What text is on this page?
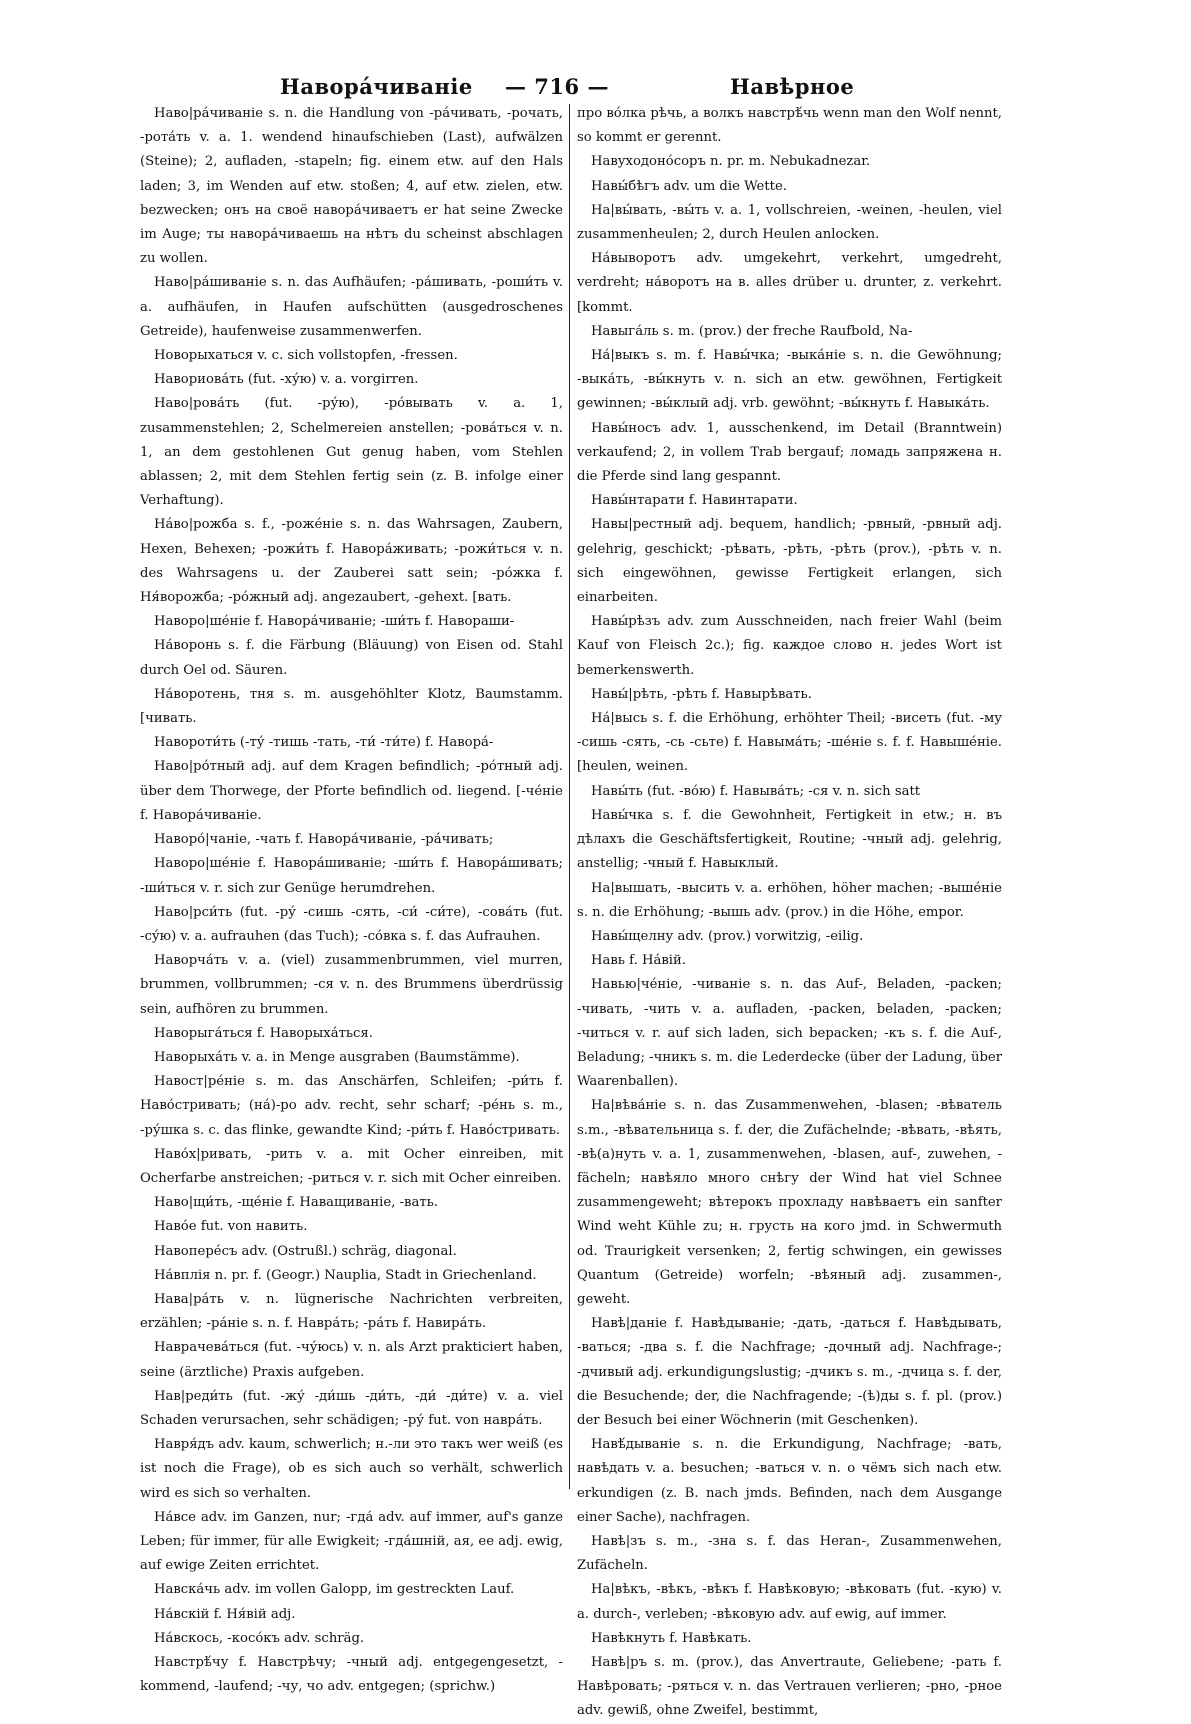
Навора́чиваніе — 716 —	Навѣрное

Наво|ра́чиваніе s. n. die Handlung von -ра́чивать, -рочать, -рота́ть v. a. 1. wendend hinaufschieben (Last), aufwälzen (Steine); 2, aufladen, -stapeln; fig. einem etw. auf den Hals laden; 3, im Wenden auf etw. stoßen; 4, auf etw. zielen, etw. bezwecken; онъ на своё навора́чиваетъ er hat seine Zwecke im Auge; ты навора́чиваешь на нѣтъ du scheinst abschlagen zu wollen.

Наво|ра́шиваніе s. n. das Aufhäufen; -ра́шивать, -роши́ть v. a. aufhäufen, in Haufen aufschütten (ausgedroschenes Getreide), haufenweise zusammenwerfen.

Новорыхаться v. c. sich vollstopfen, -fressen.

Навориова́ть (fut. -ху́ю) v. a. vorgirren.

Наво|рова́ть (fut. -ру́ю), -ро́вывать v. a. 1, zusammenstehlen; 2, Schelmereien anstellen; -рова́ться v. n. 1, an dem gestohlenen Gut genug haben, vom Stehlen ablassen; 2, mit dem Stehlen fertig sein (z. B. infolge einer Verhaftung).

Нáво|рожба s. f., -роже́ніе s. n. das Wahrsagen, Zaubern, Hexen, Behexen; -рожи́ть f. Навора́живать; -рожи́ться v. n. des Wahrsagens u. der Zauberei satt sein; -ро́жка f. Ня́ворожба; -ро́жный adj. angezaubert, -gehext. [вать.

Наворо|ше́ніе f. Навора́чиваніе; -ши́ть f. Навораши-

На́воронь s. f. die Färbung (Bläuung) von Eisen od. Stahl durch Oel od. Säuren.

На́воротень, тня s. m. ausgehöhlter Klotz, Baumstamm. [чивать.

Навороти́ть (-ту́ -тишь -тать, -ти́ -ти́те) f. Навора́-

Наво|ро́тный adj. auf dem Kragen befindlich; -ро́тный adj. über dem Thorwege, der Pforte befindlich od. liegend. [-че́ніе f. Навора́чиваніе.

Навoро́|чаніе, -чать f. Навора́чиваніе, -ра́чивать;

Наворо|ше́ніе f. Навора́шиваніе; -ши́ть f. Навора́шивать; -ши́ться v. r. sich zur Genüge herumdrehen.

Наво|рси́ть (fut. -ру́ -сишь -сять, -си́ -си́те), -сова́ть (fut. -су́ю) v. a. aufrauhen (das Tuch); -со́вка s. f. das Aufrauhen.

Наворча́ть v. a. (viel) zusammenbrummen, viel murren, brummen, vollbrummen; -ся v. n. des Brummens überdrüssig sein, aufhören zu brummen.

Навopыга́ться f. Наворыха́ться.

Навoрыха́ть v. a. in Menge ausgraben (Baumstämme).

Навост|ре́ніе s. m. das Anschärfen, Schleifen; -ри́ть f. Наво́стривать; (на́)-ро adv. recht, sehr scharf; -ре́нь s. m., -ру́шка s. c. das flinke, gewandte Kind; -ри́ть f. Наво́стривать.

Наво́х|ривать, -рить v. a. mit Ocher einreiben, mit Ocherfarbe anstreichen; -риться v. r. sich mit Ocher einreiben.

Навo|щи́ть, -ще́ніе f. Наващиваніе, -вать.

Наво́е fut. von навить.

Навопере́съ adv. (Ostrußl.) schräg, diagonal.

На́вплія n. pr. f. (Geogr.) Nauplia, Stadt in Griechenland.

Нава|ра́ть v. n. lügnerische Nachrichten verbreiten, erzählen; -ра́ніе s. n. f. Навра́ть; -ра́ть f. Навира́ть.

Наврачева́ться (fut. -чу́юсь) v. n. als Arzt prakticiert haben, seine (ärztliche) Praxis aufgeben.

Нав|реди́ть (fut. -жу́ -ди́шь -ди́ть, -ди́ -ди́те) v. a. viel Schaden verursachen, sehr schädigen; -ру́ fut. von навра́ть.

Навря́дъ adv. kaum, schwerlich; н.-ли это такъ wer weiß (es ist noch die Frage), ob es sich auch so verhält, schwerlich wird es sich so verhalten.

На́все adv. im Ganzen, nur; -гда́ adv. auf immer, auf's ganze Leben; für immer, für alle Ewigkeit; -гда́шній, ая, ее adj. ewig, auf ewige Zeiten errichtet.

Навска́чь adv. im vollen Galopp, im gestreckten Lauf.

На́вскій f. Ня́вій adj.

На́вскось, -косо́къ adv. schräg.

Навстрѣ́чу f. Навстрѣчу; -чный adj. entgegengesetzt, -kommend, -laufend; -чу, чо adv. entgegen; (sprichw.)

про во́лка рѣчь, а волкъ навстрѣ́чь wenn man den Wolf nennt, so kommt er gerennt.

Навуходоно́соръ n. pr. m. Nebukadnezar.

Навы́бѣгъ adv. um die Wette.

На|вы́вать, -вы́ть v. a. 1, vollschreien, -weinen, -heulen, viel zusammenheulen; 2, durch Heulen anlocken.

На́выворотъ adv. umgekehrt, verkehrt, umgedreht, verdreht; на́воротъ на в. alles drüber u. drunter, z. verkehrt. [kommt.

Навыга́ль s. m. (prov.) der freche Raufbold, Na-

На́|выкъ s. m. f. Навы́чка; -выка́ніе s. n. die Gewöhnung; -выка́ть, -вы́кнуть v. n. sich an etw. gewöhnen, Fertigkeit gewinnen; -вы́клый adj. vrb. gewöhnt; -вы́кнуть f. Навыка́ть.

Навы́носъ adv. 1, ausschenkend, im Detail (Branntwein) verkaufend; 2, in vollem Trab bergauf; ломадь запряжена н. die Pferde sind lang gespannt.

Навы́нтарати f. Навинтарати.

Навы|рестный adj. bequem, handlich; -рвный, -рвный adj. gelehrig, geschickt; -рѣвать, -рѣть, -рѣть (prov.), -рѣть v. n. sich eingewöhnen, gewisse Fertigkeit erlangen, sich einarbeiten.

Навы́рѣзъ adv. zum Ausschneiden, nach freier Wahl (beim Kauf von Fleisch 2c.); fig. каждое слово н. jedes Wort ist bemerkenswerth.

Навы́|рѣть, -рѣть f. Навырѣвать.

На́|высь s. f. die Erhöhung, erhöhter Theil; -висеть (fut. -му -сишь -сять, -сь -сьте) f. Навыма́ть; -ше́ніе s. f. f. Навыше́ніе. [heulen, weinen.

Навы́ть (fut. -во́ю) f. Навыва́ть; -ся v. n. sich satt

Навы́чка s. f. die Gewohnheit, Fertigkeit in etw.; н. въ дѣлахъ die Geschäftsfertigkeit, Routine; -чный adj. gelehrig, anstellig; -чный f. Навыклый.

На|вышать, -высить v. a. erhöhen, höher machen; -выше́ніе s. n. die Erhöhung; -вышь adv. (prov.) in die Höhe, empor.

Навы́щелну adv. (prov.) vorwitzig, -eilig.

Навь f. На́вій.

Навью|че́ніе, -чиваніе s. n. das Auf-, Beladen, -packen; -чивать, -чить v. a. aufladen, -packen, beladen, -packen; -читься v. r. auf sich laden, sich bepacken; -къ s. f. die Auf-, Beladung; -чникъ s. m. die Lederdecke (über der Ladung, über Waarenballen).

На|вѣва́ніе s. n. das Zusammenwehen, -blasen; -вѣватель s.m., -вѣвательница s. f. der, die Zufächelnde; -вѣвать, -вѣять, -вѣ(а)нуть v. a. 1, zusammenwehen, -blasen, auf-, zuwehen, -fächeln; навѣяло много снѣгу der Wind hat viel Schnee zusammengeweht; вѣтерокъ прохладу навѣваетъ ein sanfter Wind weht Kühle zu; н. грусть на кого jmd. in Schwermuth od. Traurigkeit versenken; 2, fertig schwingen, ein gewisses Quantum (Getreide) worfeln; -вѣяный adj. zusammen-, geweht.

Навѣ|даніе f. Навѣдываніе; -дать, -даться f. Навѣдывать, -ваться; -два s. f. die Nachfrage; -дочный adj. Nachfrage-; -дчивый adj. erkundigungslustig; -дчикъ s. m., -дчица s. f. der, die Besuchende; der, die Nachfragende; -(ѣ)ды s. f. pl. (prov.) der Besuch bei einer Wöchnerin (mit Geschenken).

Навѣ́дываніе s. n. die Erkundigung, Nachfrage; -вать, навѣдать v. a. besuchen; -ваться v. n. о чёмъ sich nach etw. erkundigen (z. B. nach jmds. Befinden, nach dem Ausgange einer Sache), nachfragen.

Навѣ|зъ s. m., -зна s. f. das Heran-, Zusammenwehen, Zufächeln.

На|вѣкъ, -вѣкъ, -вѣкъ f. Навѣковую; -вѣковать (fut. -кую) v. a. durch-, verleben; -вѣковую adv. auf ewig, auf immer.

Навѣкнуть f. Навѣкать.

Навѣ|ръ s. m. (prov.), das Anvertraute, Geliebene; -рать f. Навѣровать; -ряться v. n. das Vertrauen verlieren; -рно, -рное adv. gewiß, ohne Zweifel, bestimmt,
